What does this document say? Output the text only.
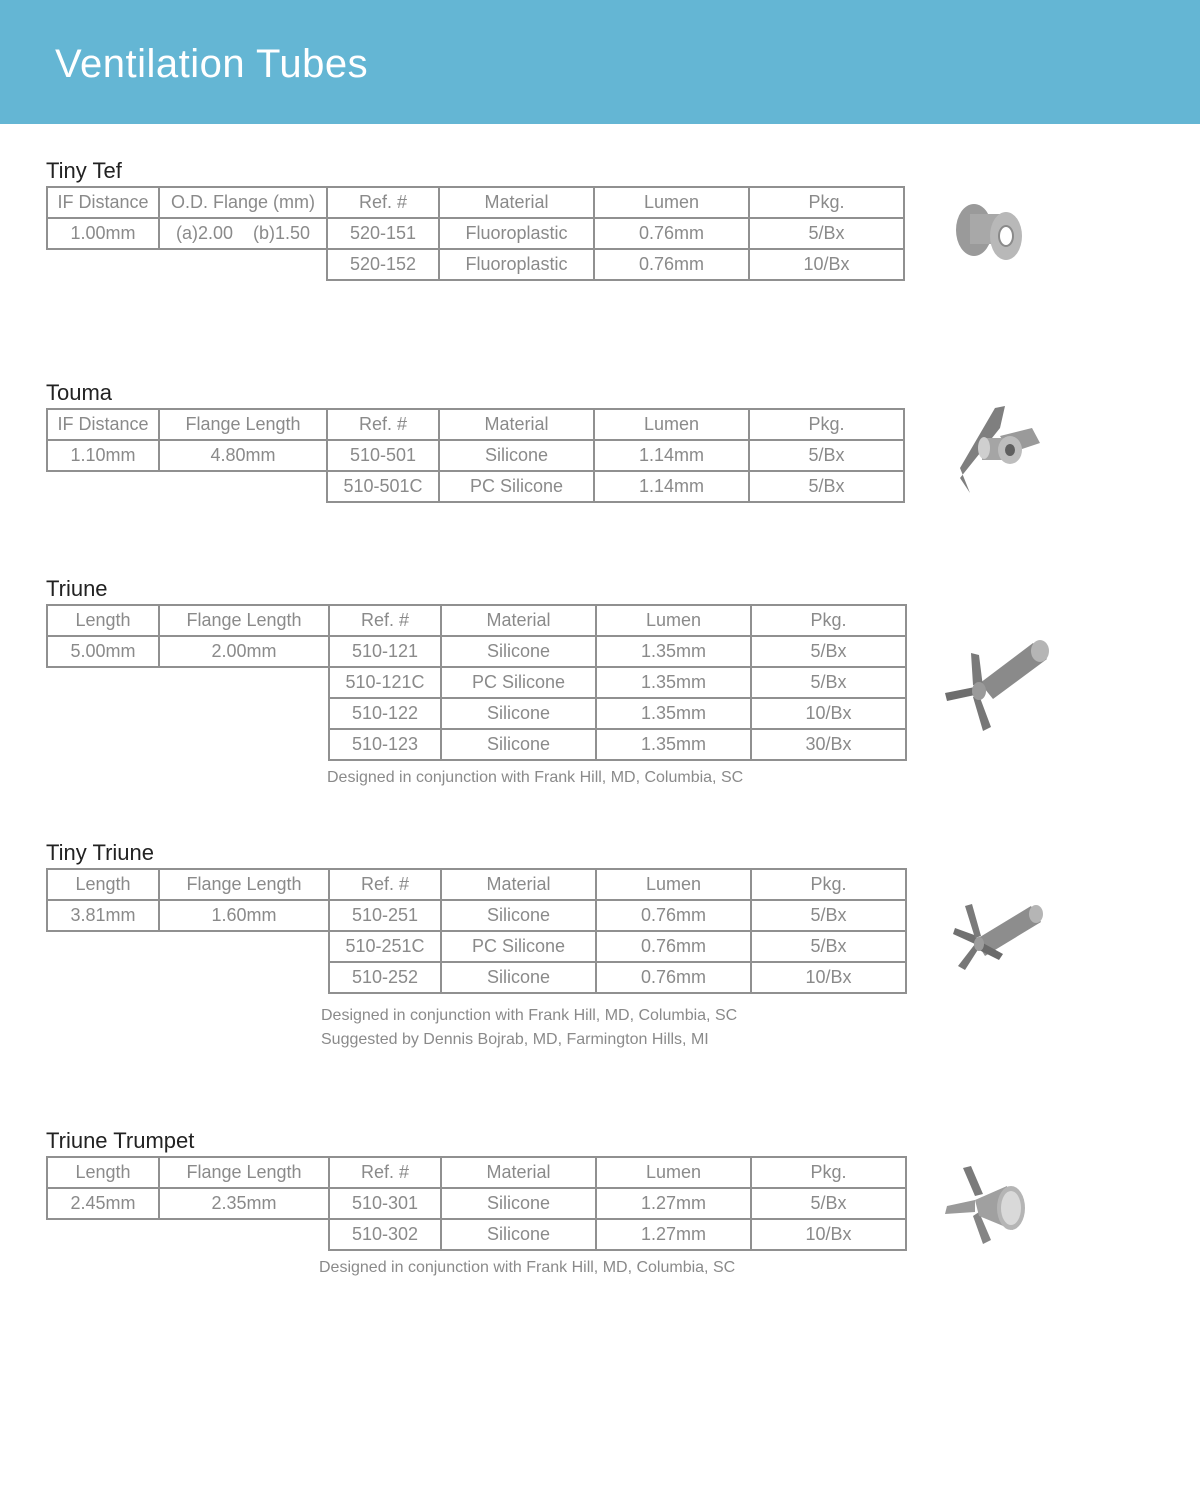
Ventilation Tubes
Tiny Tef
IF Distance	O.D. Flange (mm)	Ref. #	Material	Lumen	Pkg.
1.00mm	(a)2.00    (b)1.50	520-151	Fluoroplastic	0.76mm	5/Bx
		520-152	Fluoroplastic	0.76mm	10/Bx
Touma
IF Distance	Flange Length	Ref. #	Material	Lumen	Pkg.
1.10mm	4.80mm	510-501	Silicone	1.14mm	5/Bx
		510-501C	PC Silicone	1.14mm	5/Bx
Triune
Length	Flange Length	Ref. #	Material	Lumen	Pkg.
5.00mm	2.00mm	510-121	Silicone	1.35mm	5/Bx
		510-121C	PC Silicone	1.35mm	5/Bx
		510-122	Silicone	1.35mm	10/Bx
		510-123	Silicone	1.35mm	30/Bx
Designed in conjunction with Frank Hill, MD, Columbia, SC
Tiny Triune
Length	Flange Length	Ref. #	Material	Lumen	Pkg.
3.81mm	1.60mm	510-251	Silicone	0.76mm	5/Bx
		510-251C	PC Silicone	0.76mm	5/Bx
		510-252	Silicone	0.76mm	10/Bx
Designed in conjunction with Frank Hill, MD, Columbia, SC
Suggested by Dennis Bojrab, MD, Farmington Hills, MI
Triune Trumpet
Length	Flange Length	Ref. #	Material	Lumen	Pkg.
2.45mm	2.35mm	510-301	Silicone	1.27mm	5/Bx
		510-302	Silicone	1.27mm	10/Bx
Designed in conjunction with Frank Hill, MD, Columbia, SC
